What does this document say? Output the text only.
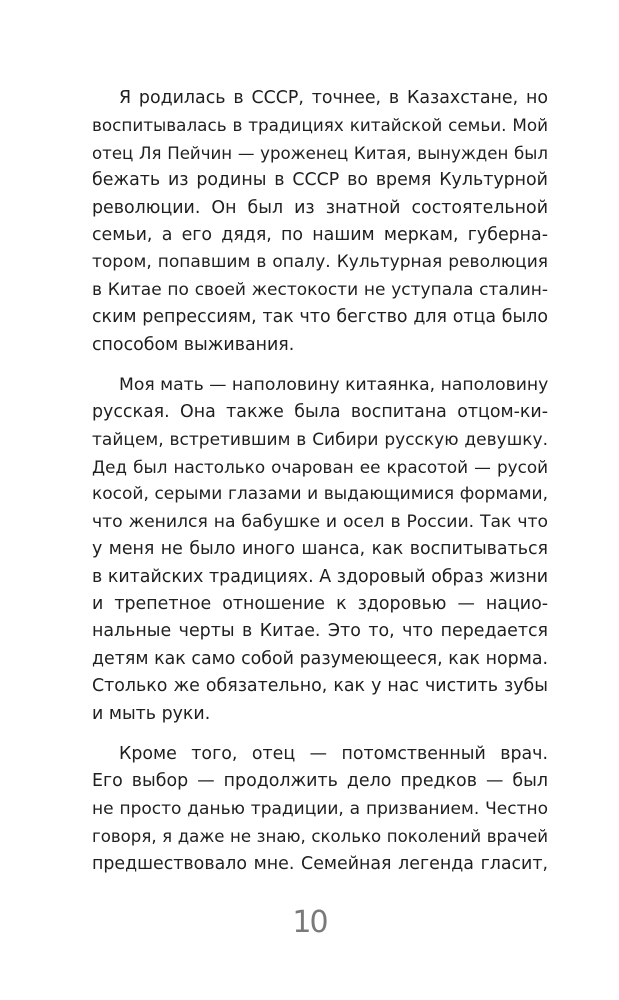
Я родилась в СССР, точнее, в Казахстане, но
воспитывалась в традициях китайской семьи. Мой
отец Ля Пейчин — уроженец Китая, вынужден был
бежать из родины в СССР во время Культурной
революции. Он был из знатной состоятельной
семьи, а его дядя, по нашим меркам, губерна-
тором, попавшим в опалу. Культурная революция
в Китае по своей жестокости не уступала сталин-
ским репрессиям, так что бегство для отца было
способом выживания.
Моя мать — наполовину китаянка, наполовину
русская. Она также была воспитана отцом-ки-
тайцем, встретившим в Сибири русскую девушку.
Дед был настолько очарован ее красотой — русой
косой, серыми глазами и выдающимися формами,
что женился на бабушке и осел в России. Так что
у меня не было иного шанса, как воспитываться
в китайских традициях. А здоровый образ жизни
и трепетное отношение к здоровью — нацио-
нальные черты в Китае. Это то, что передается
детям как само собой разумеющееся, как норма.
Столько же обязательно, как у нас чистить зубы
и мыть руки.
Кроме того, отец — потомственный врач.
Его выбор — продолжить дело предков — был
не просто данью традиции, а призванием. Честно
говоря, я даже не знаю, сколько поколений врачей
предшествовало мне. Семейная легенда гласит,
10
